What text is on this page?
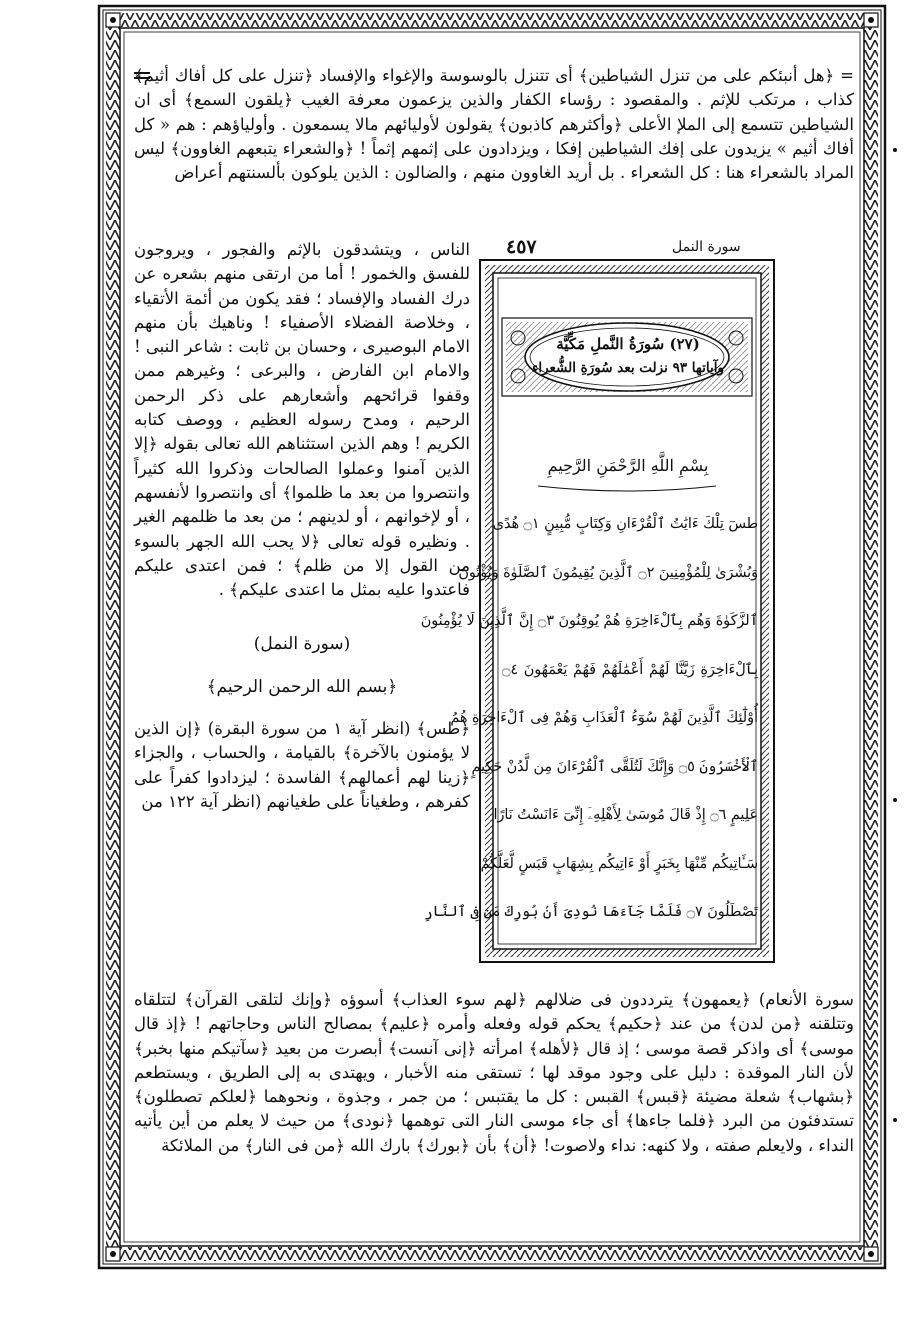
= ﴿هل أنبئكم على من تنزل الشياطين﴾ أى تتنزل بالوسوسة والإغواء والإفساد ﴿تنزل على كل أفاك أثيم﴾ كذاب ، مرتكب للإثم . والمقصود : رؤساء الكفار والذين يزعمون معرفة الغيب ﴿يلقون السمع﴾ أى ان الشياطين تتسمع إلى الملإ الأعلى ﴿وأكثرهم كاذبون﴾ يقولون لأوليائهم مالا يسمعون . وأولياؤهم : هم « كل أفاك أثيم » يزيدون على إفك الشياطين إفكا ، ويزدادون على إثمهم إثماً ! ﴿والشعراء يتبعهم الغاوون﴾ ليس المراد بالشعراء هنا : كل الشعراء . بل أريد الغاوون منهم ، والضالون : الذين يلوكون بألسنتهم أعراض

٤٥٧	سورة النمل
(٢٧) سُورَةُ النَّملِ مَكِّيَّة
وآياتها ٩٣ نزلت بعد سُورَةِ الشُّعراء
بِسْمِ اللَّهِ الرَّحْمَنِ الرَّحِيمِ
طسٓ تِلْكَ ءَايَٰتُ ٱلْقُرْءَانِ وَكِتَابٍ مُّبِينٍ ۝١ هُدًى
وَبُشْرَىٰ لِلْمُؤْمِنِينَ ۝٢ ٱلَّذِينَ يُقِيمُونَ ٱلصَّلَوٰةَ وَيُؤْتُونَ
ٱلزَّكَوٰةَ وَهُم بِٱلْءَاخِرَةِ هُمْ يُوقِنُونَ ۝٣ إِنَّ ٱلَّذِينَ لَا يُؤْمِنُونَ
بِٱلْءَاخِرَةِ زَيَّنَّا لَهُمْ أَعْمَٰلَهُمْ فَهُمْ يَعْمَهُونَ ۝٤
أُوْلَٰٓئِكَ ٱلَّذِينَ لَهُمْ سُوٓءُ ٱلْعَذَابِ وَهُمْ فِى ٱلْءَاخِرَةِ هُمُ
ٱلْأَخْسَرُونَ ۝٥ وَإِنَّكَ لَتُلَقَّى ٱلْقُرْءَانَ مِن لَّدُنْ حَكِيمٍ
عَلِيمٍ ۝٦ إِذْ قَالَ مُوسَىٰ لِأَهْلِهِۦٓ إِنِّىٓ ءَانَسْتُ نَارًا
سَـَٔاتِيكُم مِّنْهَا بِخَبَرٍ أَوْ ءَاتِيكُم بِشِهَابٍ قَبَسٍ لَّعَلَّكُمْ
تَصْطَلُونَ ۝٧ فَلَمَّا جَآءَهَا نُودِىَ أَنۢ بُورِكَ مَن فِى ٱلنَّارِ

الناس ، ويتشدقون بالإثم والفجور ، ويروجون للفسق والخمور ! أما من ارتقى منهم بشعره عن درك الفساد والإفساد ؛ فقد يكون من أئمة الأتقياء ، وخلاصة الفضلاء الأصفياء ! وناهيك بأن منهم الامام البوصيرى ، وحسان بن ثابت : شاعر النبى ! والامام ابن الفارض ، والبرعى ؛ وغيرهم ممن وقفوا قرائحهم وأشعارهم على ذكر الرحمن الرحيم ، ومدح رسوله العظيم ، ووصف كتابه الكريم ! وهم الذين استثناهم الله تعالى بقوله ﴿إلا الذين آمنوا وعملوا الصالحات وذكروا الله كثيراً وانتصروا من بعد ما ظلموا﴾ أى وانتصروا لأنفسهم ، أو لإخوانهم ، أو لدينهم ؛ من بعد ما ظلمهم الغير . ونظيره قوله تعالى ﴿لا يحب الله الجهر بالسوء من القول إلا من ظلم﴾ ؛ فمن اعتدى عليكم فاعتدوا عليه بمثل ما اعتدى عليكم﴾ .

(سورة النمل)
﴿بسم الله الرحمن الرحيم﴾

﴿طس﴾ (انظر آية ١ من سورة البقرة) ﴿إن الذين لا يؤمنون بالآخرة﴾ بالقيامة ، والحساب ، والجزاء ﴿زينا لهم أعمالهم﴾ الفاسدة ؛ ليزدادوا كفراً على كفرهم ، وطغياناً على طغيانهم (انظر آية ١٢٢ من

سورة الأنعام) ﴿يعمهون﴾ يترددون فى ضلالهم ﴿لهم سوء العذاب﴾ أسوؤه ﴿وإنك لتلقى القرآن﴾ لتتلقاه وتتلقنه ﴿من لدن﴾ من عند ﴿حكيم﴾ يحكم قوله وفعله وأمره ﴿عليم﴾ بمصالح الناس وحاجاتهم ! ﴿إذ قال موسى﴾ أى واذكر قصة موسى ؛ إذ قال ﴿لأهله﴾ امرأته ﴿إنى آنست﴾ أبصرت من بعيد ﴿سآتيكم منها بخبر﴾ لأن النار الموقدة : دليل على وجود موقد لها ؛ تستقى منه الأخبار ، ويهتدى به إلى الطريق ، ويستطعم ﴿بشهاب﴾ شعلة مضيئة ﴿قبس﴾ القبس : كل ما يقتبس ؛ من جمر ، وجذوة ، ونحوهما ﴿لعلكم تصطلون﴾ تستدفئون من البرد ﴿فلما جاءها﴾ أى جاء موسى النار التى توهمها ﴿نودى﴾ من حيث لا يعلم من أين يأتيه النداء ، ولايعلم صفته ، ولا كنهه: نداء ولاصوت! ﴿أن﴾ بأن ﴿بورك﴾ بارك الله ﴿من فى النار﴾ من الملائكة
